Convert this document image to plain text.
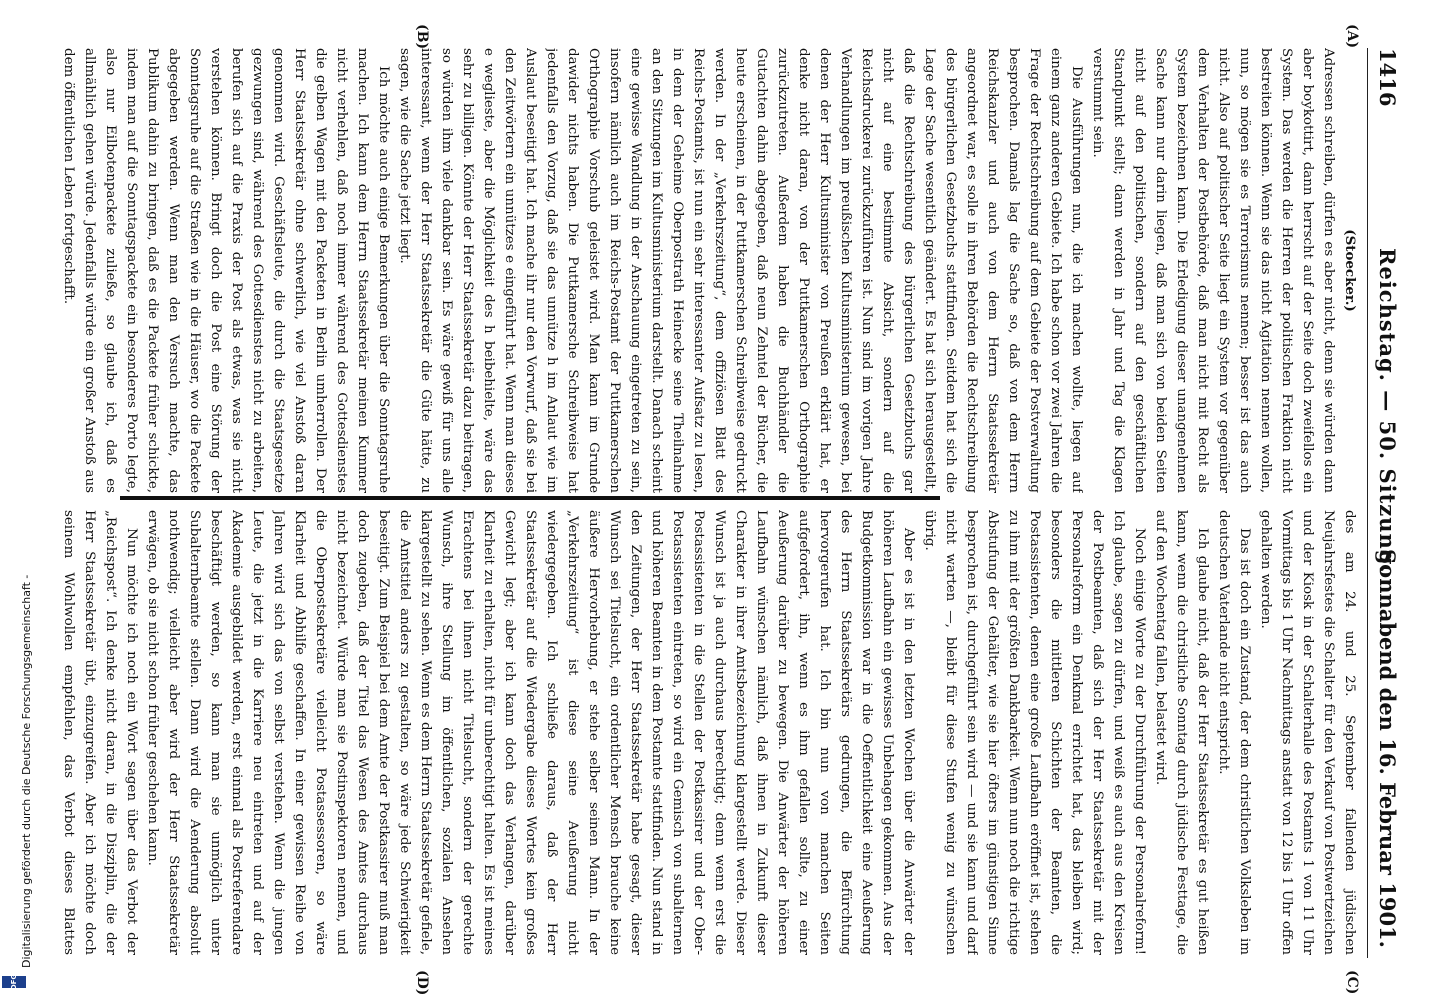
1416
Reichstag. — 50. Sitzung.
Sonnabend den 16. Februar 1901.
(A)
(B)
(C)
(D)

(Stoecker.)

Adressen schreiben, dürfen es aber nicht, denn sie würden dann aber boykottirt, dann herrscht auf der Seite doch zweifellos ein System. Das werden die Herren der politischen Fraktion nicht bestreiten können. Wenn sie das nicht Agitation nennen wollen, nun, so mögen sie es Terrorismus nennen; besser ist das auch nicht. Also auf politischer Seite liegt ein System vor gegenüber dem Verhalten der Postbehörde, daß man nicht mit Recht als System bezeichnen kann. Die Erledigung dieser unangenehmen Sache kann nur darin liegen, daß man sich von beiden Seiten nicht auf den politischen, sondern auf den geschäftlichen Standpunkt stellt; dann werden in Jahr und Tag die Klagen verstummt sein.

Die Ausführungen nun, die ich machen wollte, liegen auf einem ganz anderen Gebiete. Ich habe schon vor zwei Jahren die Frage der Rechtschreibung auf dem Gebiete der Postverwaltung besprochen. Damals lag die Sache so, daß von dem Herrn Reichskanzler und auch von dem Herrn Staatssekretär angeordnet war, es solle in ihren Behörden die Rechtschreibung des bürgerlichen Gesetzbuchs stattfinden. Seitdem hat sich die Lage der Sache wesentlich geändert. Es hat sich herausgestellt, daß die Rechtschreibung des bürgerlichen Gesetzbuchs gar nicht auf eine bestimmte Absicht, sondern auf die Reichsdruckerei zurückzuführen ist. Nun sind im vorigen Jahre Verhandlungen im preußischen Kultusministerium gewesen, bei denen der Herr Kultusminister von Preußen erklärt hat, er denke nicht daran, von der Puttkamerschen Orthographie zurückzutreten. Außerdem haben die Buchhändler die Gutachten dahin abgegeben, daß neun Zehntel der Bücher, die heute erscheinen, in der Puttkamerschen Schreibweise gedruckt werden. In der „Verkehrszeitung“, dem offiziösen Blatt des Reichs-Postamts, ist nun ein sehr interessanter Aufsatz zu lesen, in dem der Geheime Oberpostrath Heinecke seine Theilnahme an den Sitzungen im Kultusministerium darstellt. Danach scheint eine gewisse Wandlung in der Anschauung eingetreten zu sein, insofern nämlich auch im Reichs-Postamt der Puttkamerschen Orthographie Vorschub geleistet wird. Man kann im Grunde dawider nichts haben. Die Puttkamersche Schreibweise hat jedenfalls den Vorzug, daß sie das unnütze h im Anlaut wie im Auslaut beseitigt hat. Ich mache ihr nur den Vorwurf, daß sie bei den Zeitwörtern ein unnützes e eingeführt hat. Wenn man dieses e weglieste, aber die Möglichkeit des h beibehielte, wäre das sehr zu billigen. Könnte der Herr Staatssekretär dazu beitragen, so würden ihm viele dankbar sein. Es wäre gewiß für uns alle interessant, wenn der Herr Staatssekretär die Güte hätte, zu sagen, wie die Sache jetzt liegt.

Ich möchte auch einige Bemerkungen über die Sonntagsruhe machen. Ich kann dem Herrn Staatssekretär meinen Kummer nicht verhehlen, daß noch immer während des Gottesdienstes die gelben Wagen mit den Packeten in Berlin umherrollen. Der Herr Staatssekretär ohne schwerlich, wie viel Anstoß daran genommen wird. Geschäftsleute, die durch die Staatsgesetze gezwungen sind, während des Gottesdienstes nicht zu arbeiten, berufen sich auf die Praxis der Post als etwas, was sie nicht verstehen können. Bringt doch die Post eine Störung der Sonntagsruhe auf die Straßen wie in die Häuser, wo die Packete abgegeben werden. Wenn man den Versuch machte, das Publikum dahin zu bringen, daß es die Packete früher schickte, indem man auf die Sonntagspackete ein besonderes Porto legte, also nur Eilbotenpackete zuließe, so glaube ich, daß es allmählich gehen würde. Jedenfalls würde ein großer Anstoß aus dem öffentlichen Leben fortgeschafft.

des am 24. und 25. September fallenden jüdischen Neujahrsfestes die Schalter für den Verkauf von Postwertzeichen und der Kiosk in der Schalterhalle des Postamts 1 von 11 Uhr Vormittags bis 1 Uhr Nachmittags anstatt von 12 bis 1 Uhr offen gehalten werden.

Das ist doch ein Zustand, der dem christlichen Volksleben im deutschen Vaterlande nicht entspricht.

Ich glaube nicht, daß der Herr Staatssekretär es gut heißen kann, wenn die christliche Sonntag durch jüdische Festtage, die auf den Wochentag fallen, belastet wird.

Noch einige Worte zu der Durchführung der Personalreform! Ich glaube, sagen zu dürfen, und weiß es auch aus den Kreisen der Postbeamten, daß sich der Herr Staatssekretär mit der Personalreform ein Denkmal errichtet hat, das bleiben wird; besonders die mittleren Schichten der Beamten, die Postassistenten, denen eine große Laufbahn eröffnet ist, stehen zu ihm mit der größten Dankbarkeit. Wenn nun noch die richtige Abstufung der Gehälter, wie sie hier öfters im günstigen Sinne besprochen ist, durchgeführt sein wird — und sie kann und darf nicht warten —, bleibt für diese Stufen wenig zu wünschen übrig.

Aber es ist in den letzten Wochen über die Anwärter der höheren Laufbahn ein gewisses Unbehagen gekommen. Aus der Budgetkommission war in die Oeffentlichkeit eine Aeußerung des Herrn Staatssekretärs gedrungen, die Befürchtung hervorgerufen hat. Ich bin nun von manchen Seiten aufgefordert, ihn, wenn es ihm gefallen sollte, zu einer Aeußerung darüber zu bewegen. Die Anwärter der höheren Laufbahn wünschen nämlich, daß ihnen in Zukunft dieser Charakter in ihrer Amtsbezeichnung klargestellt werde. Dieser Wunsch ist ja auch durchaus berechtigt; denn wenn erst die Postassistenten in die Stellen der Postkassirer und der Ober-Postassistenten eintreten, so wird ein Gemisch von subalternen und höheren Beamten in dem Postamte stattfinden. Nun stand in den Zeitungen, der Herr Staatssekretär habe gesagt, dieser Wunsch sei Titelsucht, ein ordentlicher Mensch brauche keine äußere Hervorhebung, er stehe selber seinen Mann. In der „Verkehrszeitung“ ist diese seine Aeußerung nicht wiedergegeben. Ich schließe daraus, daß der Herr Staatssekretär auf die Wiedergabe dieses Wortes kein großes Gewicht legt; aber ich kann doch das Verlangen, darüber Klarheit zu erhalten, nicht für unberechtigt halten. Es ist meines Erachtens bei ihnen nicht Titelsucht, sondern der gerechte Wunsch, ihre Stellung im öffentlichen, sozialen Ansehen klargestellt zu sehen. Wenn es dem Herrn Staatssekretär gefiele, die Amtstitel anders zu gestalten, so wäre jede Schwierigkeit beseitigt. Zum Beispiel bei dem Amte der Postkassirer muß man doch zugeben, daß der Titel das Wesen des Amtes durchaus nicht bezeichnet. Würde man sie Postinspektoren nennen, und die Oberpostsekretäre vielleicht Postassessoren, so wäre Klarheit und Abhilfe geschaffen. In einer gewissen Reihe von Jahren wird sich das von selbst verstehen. Wenn die jungen Leute, die jetzt in die Karriere neu eintreten und auf der Akademie ausgebildet werden, erst einmal als Postreferendare beschäftigt werden, so kann man sie unmöglich unter Subalternbeamte stellen. Dann wird die Aenderung absolut nothwendig; vielleicht aber wird der Herr Staatssekretär erwägen, ob sie nicht schon früher geschehen kann.

Nun möchte ich noch ein Wort sagen über das Verbot der „Reichspost“. Ich denke nicht daran, in die Disziplin, die der Herr Staatssekretär übt, einzugreifen. Aber ich möchte doch seinem Wohlwollen empfehlen, das Verbot dieses Blattes

Digitalisierung gefördert durch die Deutsche Forschungsgemeinschaft -
DFG
